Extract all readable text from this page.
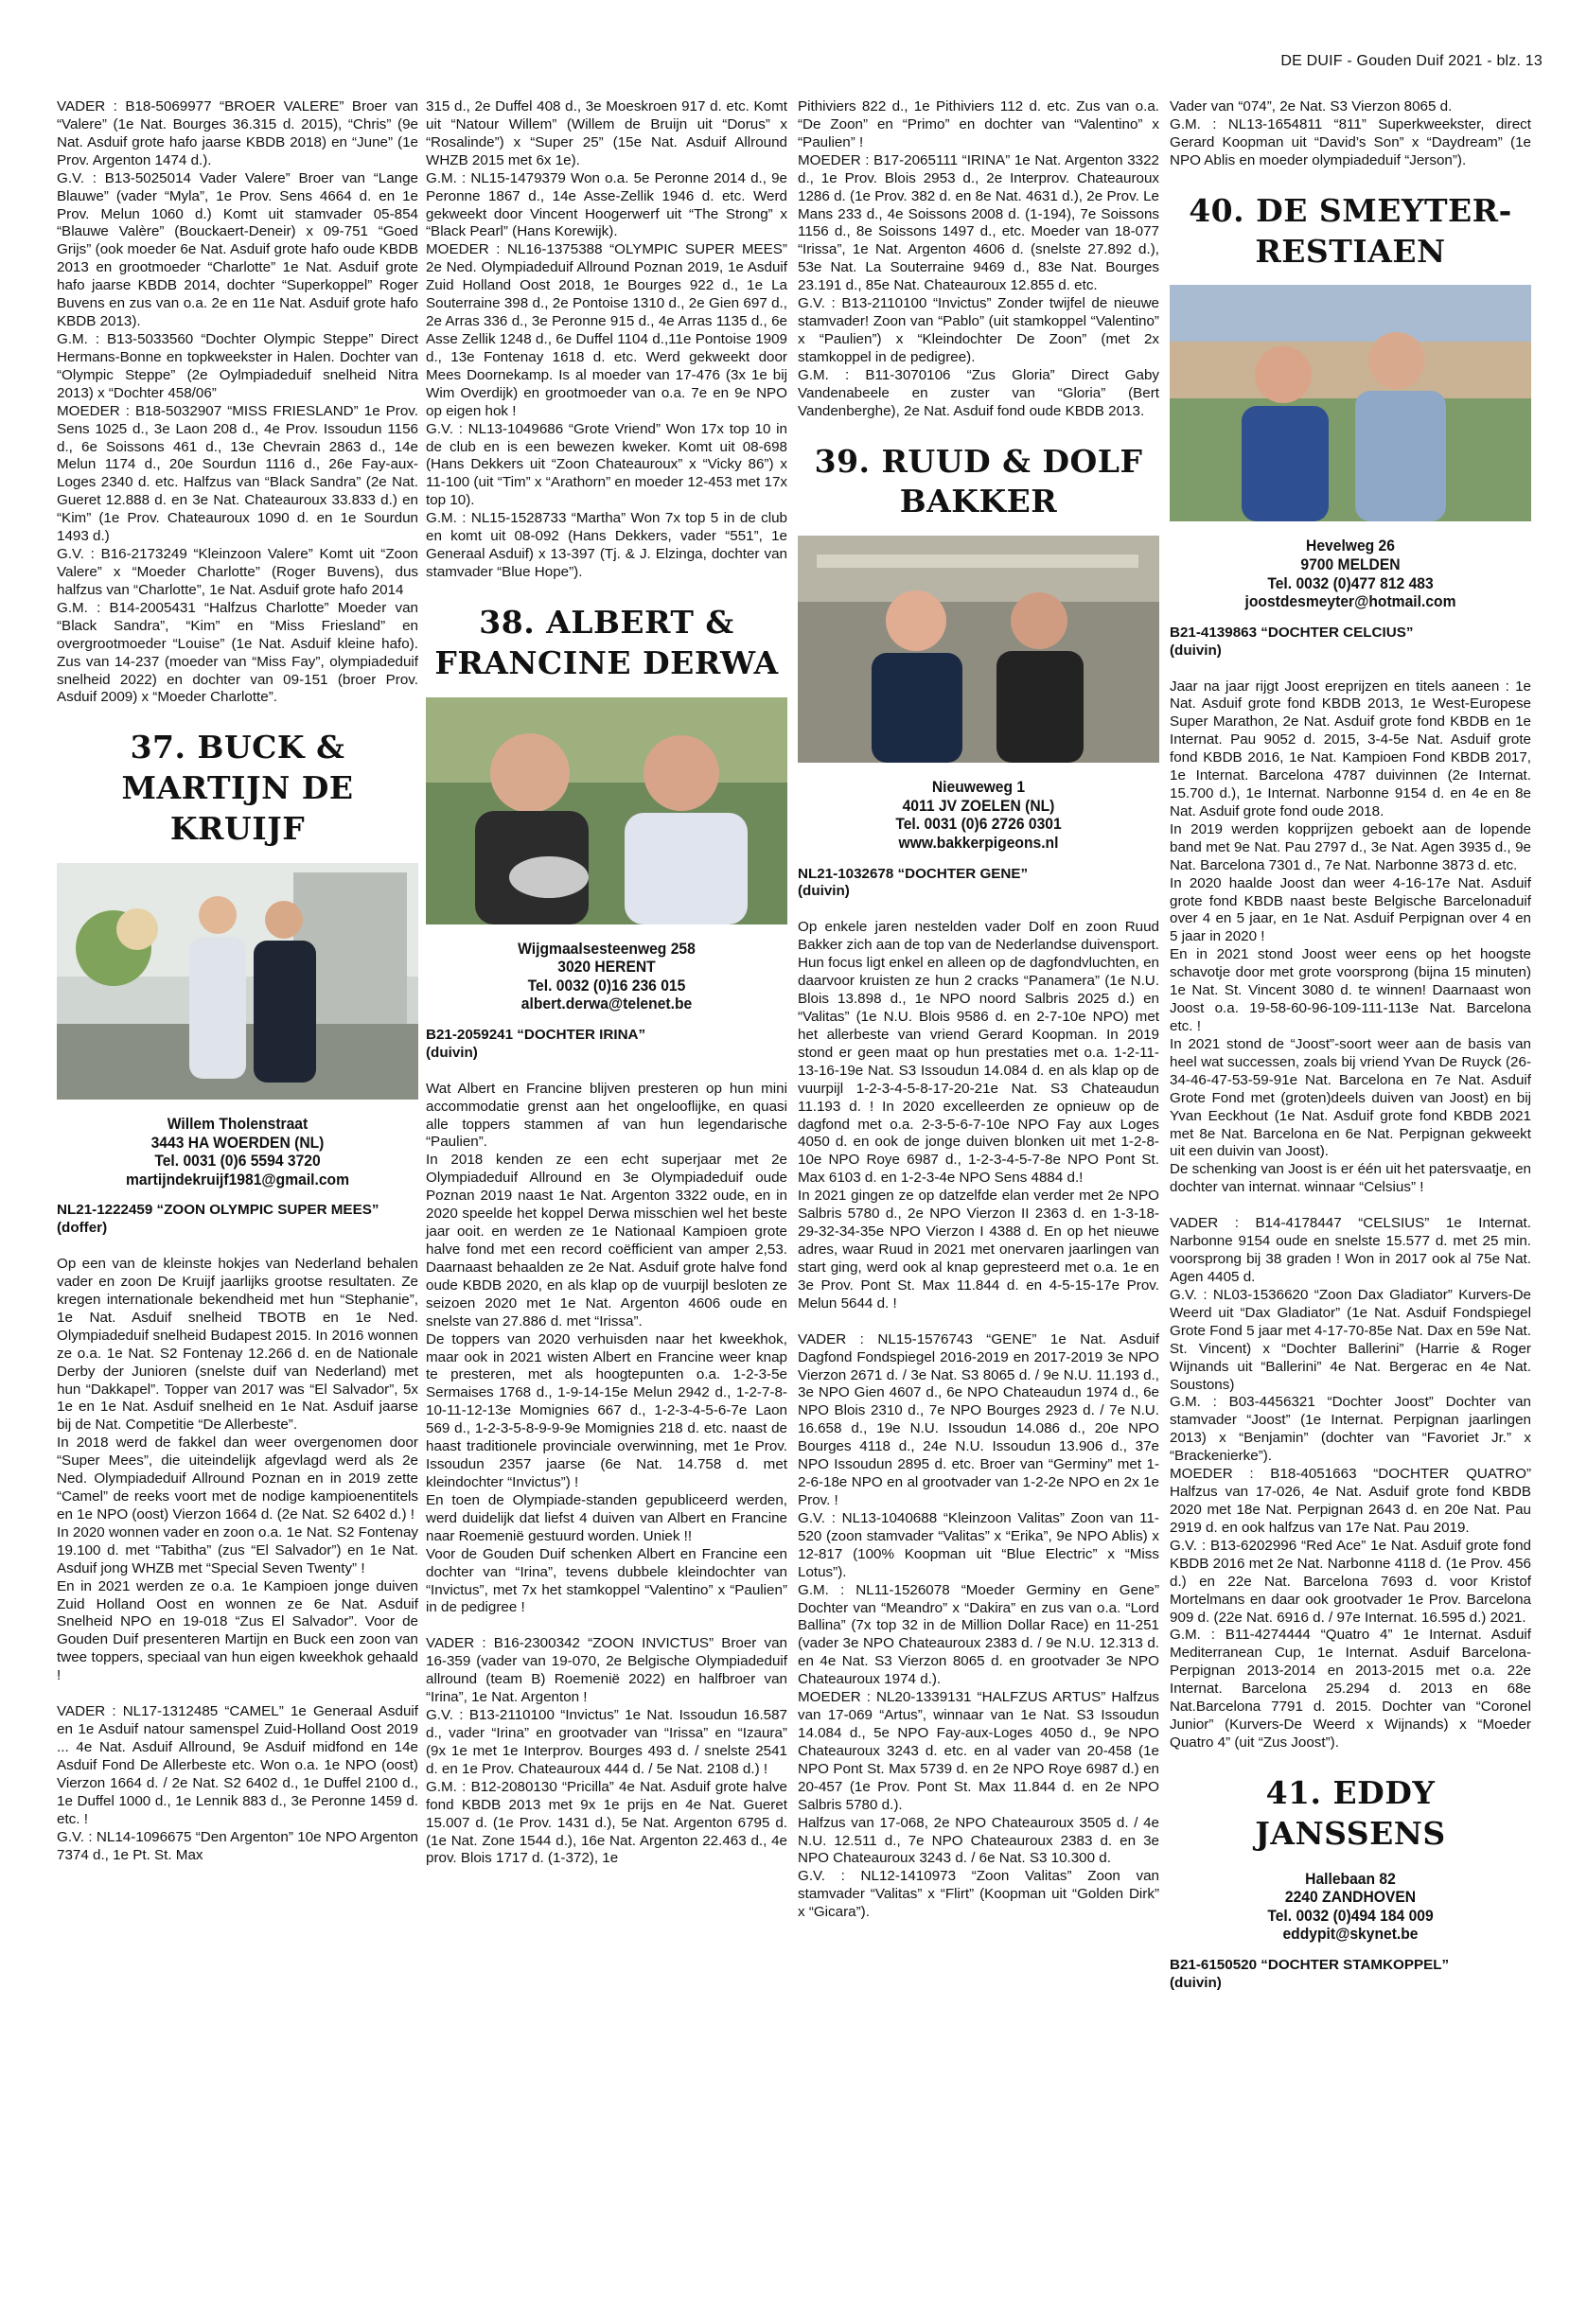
DE DUIF - Gouden Duif 2021 - blz. 13

VADER : B18-5069977 “BROER VALERE” Broer van “Valere” (1e Nat. Bourges 36.315 d. 2015), “Chris” (9e Nat. Asduif grote hafo jaarse KBDB 2018) en “June” (1e Prov. Argenton 1474 d.).

G.V. : B13-5025014 Vader Valere” Broer van “Lange Blauwe” (vader “Myla”, 1e Prov. Sens 4664 d. en 1e Prov. Melun 1060 d.) Komt uit stamvader 05-854 “Blauwe Valère” (Bouckaert-Deneir) x 09-751 “Goed Grijs” (ook moeder 6e Nat. Asduif grote hafo oude KBDB 2013 en grootmoeder “Charlotte” 1e Nat. Asduif grote hafo jaarse KBDB 2014, dochter “Superkoppel” Roger Buvens en zus van o.a. 2e en 11e Nat. Asduif grote hafo KBDB 2013).

G.M. : B13-5033560 “Dochter Olympic Steppe” Direct Hermans-Bonne en topkweekster in Halen. Dochter van “Olympic Steppe” (2e Oylmpiadeduif snelheid Nitra 2013) x “Dochter 458/06”

MOEDER : B18-5032907 “MISS FRIESLAND” 1e Prov. Sens 1025 d., 3e Laon 208 d., 4e Prov. Issoudun 1156 d., 6e Soissons 461 d., 13e Chevrain 2863 d., 14e Melun 1174 d., 20e Sourdun 1116 d., 26e Fay-aux-Loges 2340 d. etc. Halfzus van “Black Sandra” (2e Nat. Gueret 12.888 d. en 3e Nat. Chateauroux 33.833 d.) en “Kim” (1e Prov. Chateauroux 1090 d. en 1e Sourdun 1493 d.)

G.V. : B16-2173249 “Kleinzoon Valere” Komt uit “Zoon Valere” x “Moeder Charlotte” (Roger Buvens), dus halfzus van “Charlotte”, 1e Nat. Asduif grote hafo 2014

G.M. : B14-2005431 “Halfzus Charlotte” Moeder van “Black Sandra”, “Kim” en “Miss Friesland” en overgrootmoeder “Louise” (1e Nat. Asduif kleine hafo). Zus van 14-237 (moeder van “Miss Fay”, olympiadeduif snelheid 2022) en dochter van 09-151 (broer Prov. Asduif 2009) x “Moeder Charlotte”.

37. BUCK & MARTIJN DE KRUIJF
Willem Tholenstraat
3443 HA WOERDEN (NL)
Tel. 0031 (0)6 5594 3720
martijndekruijf1981@gmail.com

NL21-1222459 “ZOON OLYMPIC SUPER MEES”

(doffer)

Op een van de kleinste hokjes van Nederland behalen vader en zoon De Kruijf jaarlijks grootse resultaten. Ze kregen internationale bekendheid met hun “Stephanie”, 1e Nat. Asduif snelheid TBOTB en 1e Ned. Olympiadeduif snelheid Budapest 2015. In 2016 wonnen ze o.a. 1e Nat. S2 Fontenay 12.266 d. en de Nationale Derby der Junioren (snelste duif van Nederland) met hun “Dakkapel”. Topper van 2017 was “El Salvador”, 5x 1e en 1e Nat. Asduif snelheid en 1e Nat. Asduif jaarse bij de Nat. Competitie “De Allerbeste”.

In 2018 werd de fakkel dan weer overgenomen door “Super Mees”, die uiteindelijk afgevlagd werd als 2e Ned. Olympiadeduif Allround Poznan en in 2019 zette “Camel” de reeks voort met de nodige kampioenentitels en 1e NPO (oost) Vierzon 1664 d. (2e Nat. S2 6402 d.) !

In 2020 wonnen vader en zoon o.a. 1e Nat. S2 Fontenay 19.100 d. met “Tabitha” (zus “El Salvador”) en 1e Nat. Asduif jong WHZB met “Special Seven Twenty” !

En in 2021 werden ze o.a. 1e Kampioen jonge duiven Zuid Holland Oost en wonnen ze 6e Nat. Asduif Snelheid NPO en 19-018 “Zus El Salvador”. Voor de Gouden Duif presenteren Martijn en Buck een zoon van twee toppers, speciaal van hun eigen kweekhok gehaald !

VADER : NL17-1312485 “CAMEL” 1e Generaal Asduif en 1e Asduif natour samenspel Zuid-Holland Oost 2019 ... 4e Nat. Asduif Allround, 9e Asduif midfond en 14e Asduif Fond De Allerbeste etc. Won o.a. 1e NPO (oost) Vierzon 1664 d. / 2e Nat. S2 6402 d., 1e Duffel 2100 d., 1e Duffel 1000 d., 1e Lennik 883 d., 3e Peronne 1459 d. etc. !

G.V. : NL14-1096675 “Den Argenton” 10e NPO Argenton 7374 d., 1e Pt. St. Max

315 d., 2e Duffel 408 d., 3e Moeskroen 917 d. etc. Komt uit “Natour Willem” (Willem de Bruijn uit “Dorus” x “Rosalinde”) x “Super 25” (15e Nat. Asduif Allround WHZB 2015 met 6x 1e).

G.M. : NL15-1479379 Won o.a. 5e Peronne 2014 d., 9e Peronne 1867 d., 14e Asse-Zellik 1946 d. etc. Werd gekweekt door Vincent Hoogerwerf uit “The Strong” x “Black Pearl” (Hans Korewijk).

MOEDER : NL16-1375388 “OLYMPIC SUPER MEES” 2e Ned. Olympiadeduif Allround Poznan 2019, 1e Asduif Zuid Holland Oost 2018, 1e Bourges 922 d., 1e La Souterraine 398 d., 2e Pontoise 1310 d., 2e Gien 697 d., 2e Arras 336 d., 3e Peronne 915 d., 4e Arras 1135 d., 6e Asse Zellik 1248 d., 6e Duffel 1104 d.,11e Pontoise 1909 d., 13e Fontenay 1618 d. etc. Werd gekweekt door Mees Doornekamp. Is al moeder van 17-476 (3x 1e bij Wim Overdijk) en grootmoeder van o.a. 7e en 9e NPO op eigen hok !

G.V. : NL13-1049686 “Grote Vriend” Won 17x top 10 in de club en is een bewezen kweker. Komt uit 08-698 (Hans Dekkers uit “Zoon Chateauroux” x “Vicky 86”) x 11-100 (uit “Tim” x “Arathorn” en moeder 12-453 met 17x top 10).

G.M. : NL15-1528733 “Martha” Won 7x top 5 in de club en komt uit 08-092 (Hans Dekkers, vader “551”, 1e Generaal Asduif) x 13-397 (Tj. & J. Elzinga, dochter van stamvader “Blue Hope”).

38. ALBERT & FRANCINE DERWA
Wijgmaalsesteenweg 258
3020 HERENT
Tel. 0032 (0)16 236 015
albert.derwa@telenet.be

B21-2059241 “DOCHTER IRINA”

(duivin)

Wat Albert en Francine blijven presteren op hun mini accommodatie grenst aan het ongelooflijke, en quasi alle toppers stammen af van hun legendarische “Paulien”.

In 2018 kenden ze een echt superjaar met 2e Olympiadeduif Allround en 3e Olympiadeduif oude Poznan 2019 naast 1e Nat. Argenton 3322 oude, en in 2020 speelde het koppel Derwa misschien wel het beste jaar ooit. en werden ze 1e Nationaal Kampioen grote halve fond met een record coëfficient van amper 2,53. Daarnaast behaalden ze 2e Nat. Asduif grote halve fond oude KBDB 2020, en als klap op de vuurpijl besloten ze seizoen 2020 met 1e Nat. Argenton 4606 oude en snelste van 27.886 d. met “Irissa”.

De toppers van 2020 verhuisden naar het kweekhok, maar ook in 2021 wisten Albert en Francine weer knap te presteren, met als hoogtepunten o.a. 1-2-3-5e Sermaises 1768 d., 1-9-14-15e Melun 2942 d., 1-2-7-8-10-11-12-13e Momignies 667 d., 1-2-3-4-5-6-7e Laon 569 d., 1-2-3-5-8-9-9-9e Momignies 218 d. etc. naast de haast traditionele provinciale overwinning, met 1e Prov. Issoudun 2357 jaarse (6e Nat. 14.758 d. met kleindochter “Invictus”) !

En toen de Olympiade-standen gepubliceerd werden, werd duidelijk dat liefst 4 duiven van Albert en Francine naar Roemenië gestuurd worden. Uniek !!

Voor de Gouden Duif schenken Albert en Francine een dochter van “Irina”, tevens dubbele kleindochter van “Invictus”, met 7x het stamkoppel “Valentino” x “Paulien” in de pedigree !

VADER : B16-2300342 “ZOON INVICTUS” Broer van 16-359 (vader van 19-070, 2e Belgische Olympiadeduif allround (team B) Roemenië 2022) en halfbroer van “Irina”, 1e Nat. Argenton !

G.V. : B13-2110100 “Invictus” 1e Nat. Issoudun 16.587 d., vader “Irina” en grootvader van “Irissa” en “Izaura” (9x 1e met 1e Interprov. Bourges 493 d. / snelste 2541 d. en 1e Prov. Chateauroux 444 d. / 5e Nat. 2108 d.) !

G.M. : B12-2080130 “Pricilla” 4e Nat. Asduif grote halve fond KBDB 2013 met 9x 1e prijs en 4e Nat. Gueret 15.007 d. (1e Prov. 1431 d.), 5e Nat. Argenton 6795 d. (1e Nat. Zone 1544 d.), 16e Nat. Argenton 22.463 d., 4e prov. Blois 1717 d. (1-372), 1e

Pithiviers 822 d., 1e Pithiviers 112 d. etc. Zus van o.a. “De Zoon” en “Primo” en dochter van “Valentino” x “Paulien” !

MOEDER : B17-2065111 “IRINA” 1e Nat. Argenton 3322 d., 1e Prov. Blois 2953 d., 2e Interprov. Chateauroux 1286 d. (1e Prov. 382 d. en 8e Nat. 4631 d.), 2e Prov. Le Mans 233 d., 4e Soissons 2008 d. (1-194), 7e Soissons 1156 d., 8e Soissons 1497 d., etc. Moeder van 18-077 “Irissa”, 1e Nat. Argenton 4606 d. (snelste 27.892 d.), 53e Nat. La Souterraine 9469 d., 83e Nat. Bourges 23.191 d., 85e Nat. Chateauroux 12.855 d. etc.

G.V. : B13-2110100 “Invictus” Zonder twijfel de nieuwe stamvader! Zoon van “Pablo” (uit stamkoppel “Valentino” x “Paulien”) x “Kleindochter De Zoon” (met 2x stamkoppel in de pedigree).

G.M. : B11-3070106 “Zus Gloria” Direct Gaby Vandenabeele en zuster van “Gloria” (Bert Vandenberghe), 2e Nat. Asduif fond oude KBDB 2013.

39. RUUD & DOLF BAKKER
Nieuweweg 1
4011 JV ZOELEN (NL)
Tel. 0031 (0)6 2726 0301
www.bakkerpigeons.nl

NL21-1032678 “DOCHTER GENE”

(duivin)

Op enkele jaren nestelden vader Dolf en zoon Ruud Bakker zich aan de top van de Nederlandse duivensport. Hun focus ligt enkel en alleen op de dagfondvluchten, en daarvoor kruisten ze hun 2 cracks “Panamera” (1e N.U. Blois 13.898 d., 1e NPO noord Salbris 2025 d.) en “Valitas” (1e N.U. Blois 9586 d. en 2-7-10e NPO) met het allerbeste van vriend Gerard Koopman. In 2019 stond er geen maat op hun prestaties met o.a. 1-2-11-13-16-19e Nat. S3 Issoudun 14.084 d. en als klap op de vuurpijl 1-2-3-4-5-8-17-20-21e Nat. S3 Chateaudun 11.193 d. ! In 2020 excelleerden ze opnieuw op de dagfond met o.a. 2-3-5-6-7-10e NPO Fay aux Loges 4050 d. en ook de jonge duiven blonken uit met 1-2-8-10e NPO Roye 6987 d., 1-2-3-4-5-7-8e NPO Pont St. Max 6103 d. en 1-2-3-4e NPO Sens 4884 d.!

In 2021 gingen ze op datzelfde elan verder met 2e NPO Salbris 5780 d., 2e NPO Vierzon II 2363 d. en 1-3-18-29-32-34-35e NPO Vierzon I 4388 d. En op het nieuwe adres, waar Ruud in 2021 met onervaren jaarlingen van start ging, werd ook al knap gepresteerd met o.a. 1e en 3e Prov. Pont St. Max 11.844 d. en 4-5-15-17e Prov. Melun 5644 d. !

VADER : NL15-1576743 “GENE” 1e Nat. Asduif Dagfond Fondspiegel 2016-2019 en 2017-2019 3e NPO Vierzon 2671 d. / 3e Nat. S3 8065 d. / 9e N.U. 11.193 d., 3e NPO Gien 4607 d., 6e NPO Chateaudun 1974 d., 6e NPO Blois 2310 d., 7e NPO Bourges 2923 d. / 7e N.U. 16.658 d., 19e N.U. Issoudun 14.086 d., 20e NPO Bourges 4118 d., 24e N.U. Issoudun 13.906 d., 37e NPO Issoudun 2895 d. etc. Broer van “Germiny” met 1-2-6-18e NPO en al grootvader van 1-2-2e NPO en 2x 1e Prov. !

G.V. : NL13-1040688 “Kleinzoon Valitas” Zoon van 11-520 (zoon stamvader “Valitas” x “Erika”, 9e NPO Ablis) x 12-817 (100% Koopman uit “Blue Electric” x “Miss Lotus”).

G.M. : NL11-1526078 “Moeder Germiny en Gene” Dochter van “Meandro” x “Dakira” en zus van o.a. “Lord Ballina” (7x top 32 in de Million Dollar Race) en 11-251 (vader 3e NPO Chateauroux 2383 d. / 9e N.U. 12.313 d. en 4e Nat. S3 Vierzon 8065 d. en grootvader 3e NPO Chateauroux 1974 d.).

MOEDER : NL20-1339131 “HALFZUS ARTUS” Halfzus van 17-069 “Artus”, winnaar van 1e Nat. S3 Issoudun 14.084 d., 5e NPO Fay-aux-Loges 4050 d., 9e NPO Chateauroux 3243 d. etc. en al vader van 20-458 (1e NPO Pont St. Max 5739 d. en 2e NPO Roye 6987 d.) en 20-457 (1e Prov. Pont St. Max 11.844 d. en 2e NPO Salbris 5780 d.).

Halfzus van 17-068, 2e NPO Chateauroux 3505 d. / 4e N.U. 12.511 d., 7e NPO Chateauroux 2383 d. en 3e NPO Chateauroux 3243 d. / 6e Nat. S3 10.300 d.

G.V. : NL12-1410973 “Zoon Valitas” Zoon van stamvader “Valitas” x “Flirt” (Koopman uit “Golden Dirk” x “Gicara”).

Vader van “074”, 2e Nat. S3 Vierzon 8065 d.

G.M. : NL13-1654811 “811” Superkweekster, direct Gerard Koopman uit “David’s Son” x “Daydream” (1e NPO Ablis en moeder olympiadeduif “Jerson”).

40. DE SMEYTER-RESTIAEN
Hevelweg 26
9700 MELDEN
Tel. 0032 (0)477 812 483
joostdesmeyter@hotmail.com

B21-4139863 “DOCHTER CELCIUS”

(duivin)

Jaar na jaar rijgt Joost ereprijzen en titels aaneen : 1e Nat. Asduif grote fond KBDB 2013, 1e West-Europese Super Marathon, 2e Nat. Asduif grote fond KBDB en 1e Internat. Pau 9052 d. 2015, 3-4-5e Nat. Asduif grote fond KBDB 2016, 1e Nat. Kampioen Fond KBDB 2017, 1e Internat. Barcelona 4787 duivinnen (2e Internat. 15.700 d.), 1e Internat. Narbonne 9154 d. en 4e en 8e Nat. Asduif grote fond oude 2018.

In 2019 werden kopprijzen geboekt aan de lopende band met 9e Nat. Pau 2797 d., 3e Nat. Agen 3935 d., 9e Nat. Barcelona 7301 d., 7e Nat. Narbonne 3873 d. etc.

In 2020 haalde Joost dan weer 4-16-17e Nat. Asduif grote fond KBDB naast beste Belgische Barcelonaduif over 4 en 5 jaar, en 1e Nat. Asduif Perpignan over 4 en 5 jaar in 2020 !

En in 2021 stond Joost weer eens op het hoogste schavotje door met grote voorsprong (bijna 15 minuten) 1e Nat. St. Vincent 3080 d. te winnen! Daarnaast won Joost o.a. 19-58-60-96-109-111-113e Nat. Barcelona etc. !

In 2021 stond de “Joost”-soort weer aan de basis van heel wat successen, zoals bij vriend Yvan De Ruyck (26-34-46-47-53-59-91e Nat. Barcelona en 7e Nat. Asduif Grote Fond met (groten)deels duiven van Joost) en bij Yvan Eeckhout (1e Nat. Asduif grote fond KBDB 2021 met 8e Nat. Barcelona en 6e Nat. Perpignan gekweekt uit een duivin van Joost).

De schenking van Joost is er één uit het patersvaatje, en dochter van internat. winnaar “Celsius” !

VADER : B14-4178447 “CELSIUS” 1e Internat. Narbonne 9154 oude en snelste 15.577 d. met 25 min. voorsprong bij 38 graden ! Won in 2017 ook al 75e Nat. Agen 4405 d.

G.V. : NL03-1536620 “Zoon Dax Gladiator” Kurvers-De Weerd uit “Dax Gladiator” (1e Nat. Asduif Fondspiegel Grote Fond 5 jaar met 4-17-70-85e Nat. Dax en 59e Nat. St. Vincent) x “Dochter Ballerini” (Harrie & Roger Wijnands uit “Ballerini” 4e Nat. Bergerac en 4e Nat. Soustons)

G.M. : B03-4456321 “Dochter Joost” Dochter van stamvader “Joost” (1e Internat. Perpignan jaarlingen 2013) x “Benjamin” (dochter van “Favoriet Jr.” x “Brackenierke”).

MOEDER : B18-4051663 “DOCHTER QUATRO” Halfzus van 17-026, 4e Nat. Asduif grote fond KBDB 2020 met 18e Nat. Perpignan 2643 d. en 20e Nat. Pau 2919 d. en ook halfzus van 17e Nat. Pau 2019.

G.V. : B13-6202996 “Red Ace” 1e Nat. Asduif grote fond KBDB 2016 met 2e Nat. Narbonne 4118 d. (1e Prov. 456 d.) en 22e Nat. Barcelona 7693 d. voor Kristof Mortelmans en daar ook grootvader 1e Prov. Barcelona 909 d. (22e Nat. 6916 d. / 97e Internat. 16.595 d.) 2021.

G.M. : B11-4274444 “Quatro 4” 1e Internat. Asduif Mediterranean Cup, 1e Internat. Asduif Barcelona-Perpignan 2013-2014 en 2013-2015 met o.a. 22e Internat. Barcelona 25.294 d. 2013 en 68e Nat.Barcelona 7791 d. 2015. Dochter van “Coronel Junior” (Kurvers-De Weerd x Wijnands) x “Moeder Quatro 4” (uit “Zus Joost”).

41. EDDY JANSSENS
Hallebaan 82
2240 ZANDHOVEN
Tel. 0032 (0)494 184 009
eddypit@skynet.be

B21-6150520 “DOCHTER STAMKOPPEL”

(duivin)
